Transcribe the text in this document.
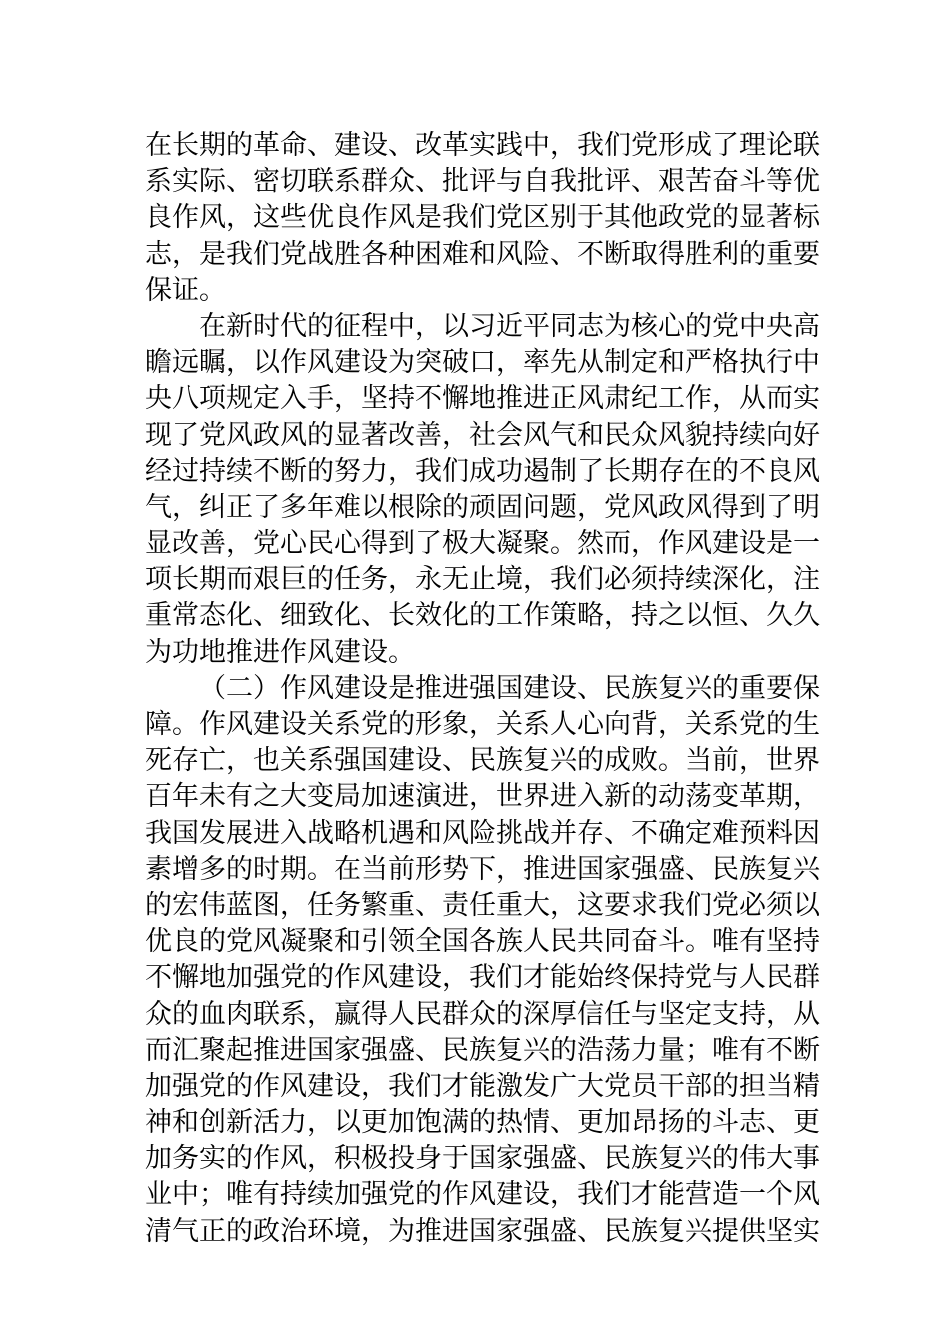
在长期的革命、建设、改革实践中，我们党形成了理论联
系实际、密切联系群众、批评与自我批评、艰苦奋斗等优
良作风，这些优良作风是我们党区别于其他政党的显著标
志，是我们党战胜各种困难和风险、不断取得胜利的重要
保证。
在新时代的征程中，以习近平同志为核心的党中央高
瞻远瞩，以作风建设为突破口，率先从制定和严格执行中
央八项规定入手，坚持不懈地推进正风肃纪工作，从而实
现了党风政风的显著改善，社会风气和民众风貌持续向好
经过持续不断的努力，我们成功遏制了长期存在的不良风
气，纠正了多年难以根除的顽固问题，党风政风得到了明
显改善，党心民心得到了极大凝聚。然而，作风建设是一
项长期而艰巨的任务，永无止境，我们必须持续深化，注
重常态化、细致化、长效化的工作策略，持之以恒、久久
为功地推进作风建设。
（二）作风建设是推进强国建设、民族复兴的重要保
障。作风建设关系党的形象，关系人心向背，关系党的生
死存亡，也关系强国建设、民族复兴的成败。当前，世界
百年未有之大变局加速演进，世界进入新的动荡变革期，
我国发展进入战略机遇和风险挑战并存、不确定难预料因
素增多的时期。在当前形势下，推进国家强盛、民族复兴
的宏伟蓝图，任务繁重、责任重大，这要求我们党必须以
优良的党风凝聚和引领全国各族人民共同奋斗。唯有坚持
不懈地加强党的作风建设，我们才能始终保持党与人民群
众的血肉联系，赢得人民群众的深厚信任与坚定支持，从
而汇聚起推进国家强盛、民族复兴的浩荡力量；唯有不断
加强党的作风建设，我们才能激发广大党员干部的担当精
神和创新活力，以更加饱满的热情、更加昂扬的斗志、更
加务实的作风，积极投身于国家强盛、民族复兴的伟大事
业中；唯有持续加强党的作风建设，我们才能营造一个风
清气正的政治环境，为推进国家强盛、民族复兴提供坚实
